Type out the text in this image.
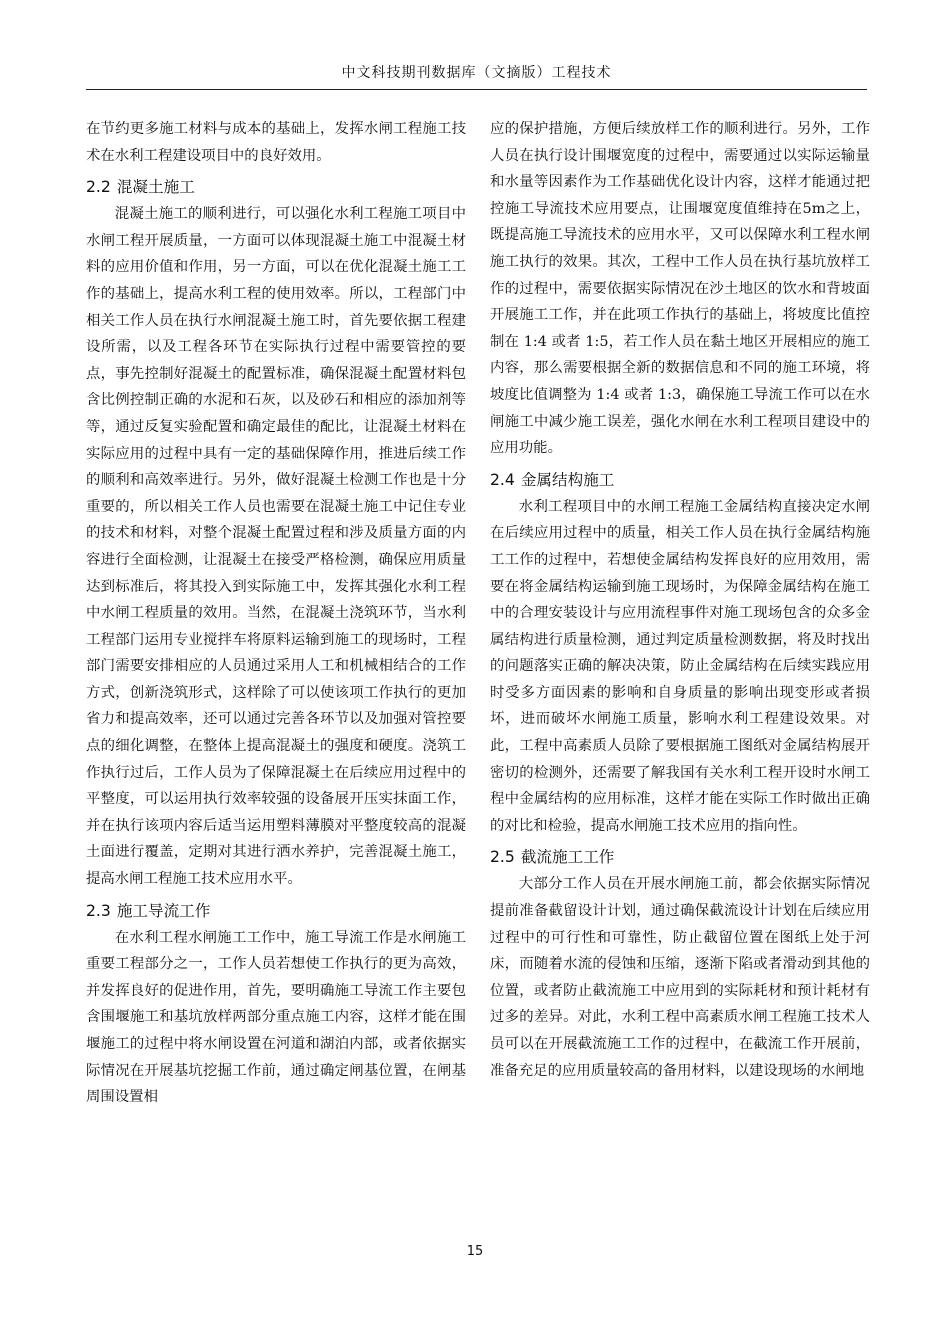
中文科技期刊数据库（文摘版）工程技术

在节约更多施工材料与成本的基础上，发挥水闸工程施工技术在水利工程建设项目中的良好效用。

2.2 混凝土施工

混凝土施工的顺利进行，可以强化水利工程施工项目中水闸工程开展质量，一方面可以体现混凝土施工中混凝土材料的应用价值和作用，另一方面，可以在优化混凝土施工工作的基础上，提高水利工程的使用效率。所以，工程部门中相关工作人员在执行水闸混凝土施工时，首先要依据工程建设所需，以及工程各环节在实际执行过程中需要管控的要点，事先控制好混凝土的配置标准，确保混凝土配置材料包含比例控制正确的水泥和石灰，以及砂石和相应的添加剂等等，通过反复实验配置和确定最佳的配比，让混凝土材料在实际应用的过程中具有一定的基础保障作用，推进后续工作的顺利和高效率进行。另外，做好混凝土检测工作也是十分重要的，所以相关工作人员也需要在混凝土施工中记住专业的技术和材料，对整个混凝土配置过程和涉及质量方面的内容进行全面检测，让混凝土在接受严格检测，确保应用质量达到标准后，将其投入到实际施工中，发挥其强化水利工程中水闸工程质量的效用。当然，在混凝土浇筑环节，当水利工程部门运用专业搅拌车将原料运输到施工的现场时，工程部门需要安排相应的人员通过采用人工和机械相结合的工作方式，创新浇筑形式，这样除了可以使该项工作执行的更加省力和提高效率，还可以通过完善各环节以及加强对管控要点的细化调整，在整体上提高混凝土的强度和硬度。浇筑工作执行过后，工作人员为了保障混凝土在后续应用过程中的平整度，可以运用执行效率较强的设备展开压实抹面工作，并在执行该项内容后适当运用塑料薄膜对平整度较高的混凝土面进行覆盖，定期对其进行洒水养护，完善混凝土施工，提高水闸工程施工技术应用水平。

2.3 施工导流工作

在水利工程水闸施工工作中，施工导流工作是水闸施工重要工程部分之一，工作人员若想使工作执行的更为高效，并发挥良好的促进作用，首先，要明确施工导流工作主要包含围堰施工和基坑放样两部分重点施工内容，这样才能在围堰施工的过程中将水闸设置在河道和湖泊内部，或者依据实际情况在开展基坑挖掘工作前，通过确定闸基位置，在闸基周围设置相

应的保护措施，方便后续放样工作的顺利进行。另外，工作人员在执行设计围堰宽度的过程中，需要通过以实际运输量和水量等因素作为工作基础优化设计内容，这样才能通过把控施工导流技术应用要点，让围堰宽度值维持在5m之上，既提高施工导流技术的应用水平，又可以保障水利工程水闸施工执行的效果。其次，工程中工作人员在执行基坑放样工作的过程中，需要依据实际情况在沙土地区的饮水和背坡面开展施工工作，并在此项工作执行的基础上，将坡度比值控制在 1:4 或者 1:5，若工作人员在黏土地区开展相应的施工内容，那么需要根据全新的数据信息和不同的施工环境，将坡度比值调整为 1:4 或者 1:3，确保施工导流工作可以在水闸施工中减少施工误差，强化水闸在水利工程项目建设中的应用功能。

2.4 金属结构施工

水利工程项目中的水闸工程施工金属结构直接决定水闸在后续应用过程中的质量，相关工作人员在执行金属结构施工工作的过程中，若想使金属结构发挥良好的应用效用，需要在将金属结构运输到施工现场时，为保障金属结构在施工中的合理安装设计与应用流程事件对施工现场包含的众多金属结构进行质量检测，通过判定质量检测数据，将及时找出的问题落实正确的解决决策，防止金属结构在后续实践应用时受多方面因素的影响和自身质量的影响出现变形或者损坏，进而破坏水闸施工质量，影响水利工程建设效果。对此，工程中高素质人员除了要根据施工图纸对金属结构展开密切的检测外，还需要了解我国有关水利工程开设时水闸工程中金属结构的应用标准，这样才能在实际工作时做出正确的对比和检验，提高水闸施工技术应用的指向性。

2.5 截流施工工作

大部分工作人员在开展水闸施工前，都会依据实际情况提前准备截留设计计划，通过确保截流设计计划在后续应用过程中的可行性和可靠性，防止截留位置在图纸上处于河床，而随着水流的侵蚀和压缩，逐渐下陷或者滑动到其他的位置，或者防止截流施工中应用到的实际耗材和预计耗材有过多的差异。对此，水利工程中高素质水闸工程施工技术人员可以在开展截流施工工作的过程中，在截流工作开展前，准备充足的应用质量较高的备用材料，以建设现场的水闸地

15
